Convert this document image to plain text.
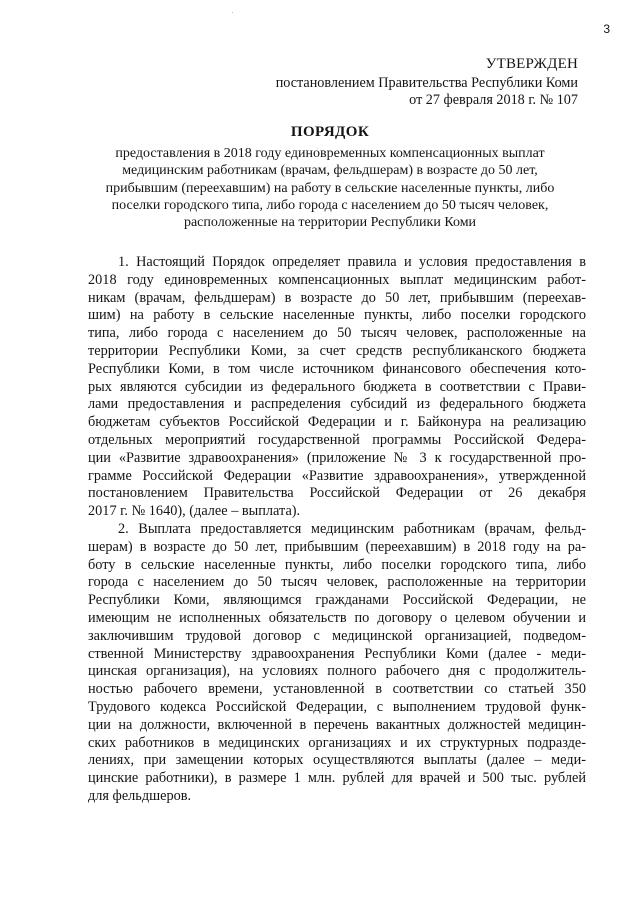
3
УТВЕРЖДЕН
постановлением Правительства Республики Коми
от 27 февраля 2018 г. № 107
ПОРЯДОК
предоставления в 2018 году единовременных компенсационных выплат
медицинским работникам (врачам, фельдшерам) в возрасте до 50 лет,
прибывшим (переехавшим) на работу в сельские населенные пункты, либо
поселки городского типа, либо города с населением до 50 тысяч человек,
расположенные на территории Республики Коми
1. Настоящий Порядок определяет правила и условия предоставления в
2018 году единовременных компенсационных выплат медицинским работ-
никам (врачам, фельдшерам) в возрасте до 50 лет, прибывшим (переехав-
шим) на работу в сельские населенные пункты, либо поселки городского
типа, либо города с населением до 50 тысяч человек, расположенные на
территории Республики Коми, за счет средств республиканского бюджета
Республики Коми, в том числе источником финансового обеспечения кото-
рых являются субсидии из федерального бюджета в соответствии с Прави-
лами предоставления и распределения субсидий из федерального бюджета
бюджетам субъектов Российской Федерации и г. Байконура на реализацию
отдельных мероприятий государственной программы Российской Федера-
ции «Развитие здравоохранения» (приложение № 3 к государственной про-
грамме Российской Федерации «Развитие здравоохранения», утвержденной
постановлением Правительства Российской Федерации от 26 декабря
2017 г. № 1640), (далее – выплата).
2. Выплата предоставляется медицинским работникам (врачам, фельд-
шерам) в возрасте до 50 лет, прибывшим (переехавшим) в 2018 году на ра-
боту в сельские населенные пункты, либо поселки городского типа, либо
города с населением до 50 тысяч человек, расположенные на территории
Республики Коми, являющимся гражданами Российской Федерации, не
имеющим не исполненных обязательств по договору о целевом обучении и
заключившим трудовой договор с медицинской организацией, подведом-
ственной Министерству здравоохранения Республики Коми (далее - меди-
цинская организация), на условиях полного рабочего дня с продолжитель-
ностью рабочего времени, установленной в соответствии со статьей 350
Трудового кодекса Российской Федерации, с выполнением трудовой функ-
ции на должности, включенной в перечень вакантных должностей медицин-
ских работников в медицинских организациях и их структурных подразде-
лениях, при замещении которых осуществляются выплаты (далее – меди-
цинские работники), в размере 1 млн. рублей для врачей и 500 тыс. рублей
для фельдшеров.
